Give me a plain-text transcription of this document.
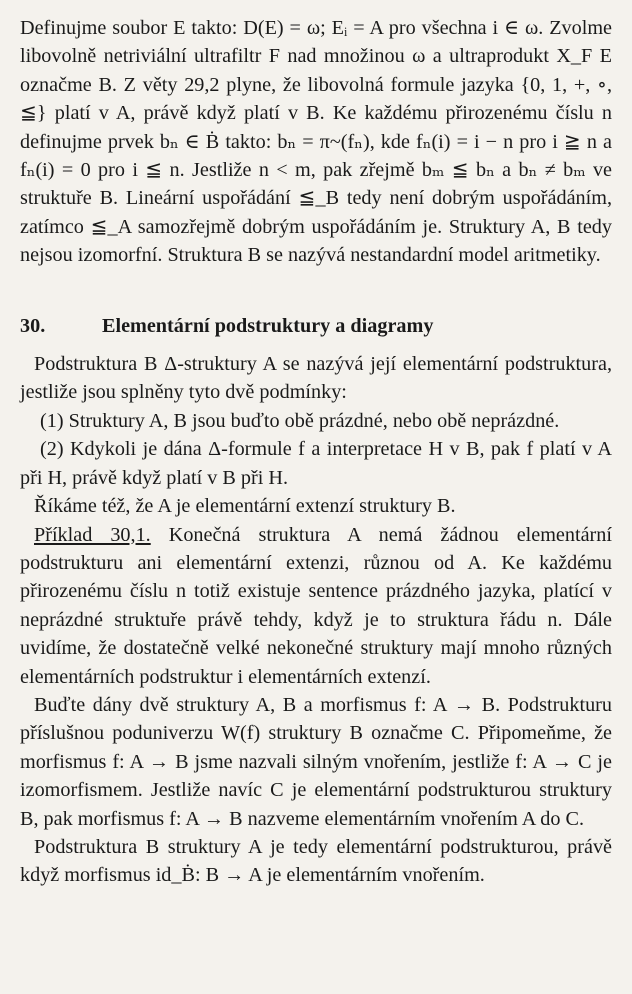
Definujme soubor E takto: D(E) = ω; Eᵢ = A pro všechna i ∈ ω. Zvolme libovolně netriviální ultrafiltr F nad množinou ω a ultraprodukt X_F E označme B. Z věty 29,2 plyne, že libovolná formule jazyka {0, 1, +, ∘, ≦} platí v A, právě když platí v B. Ke každému přirozenému číslu n definujme prvek bₙ ∈ Ḃ takto: bₙ = π~(fₙ), kde fₙ(i) = i − n pro i ≧ n a fₙ(i) = 0 pro i ≦ n. Jestliže n < m, pak zřejmě bₘ ≦ bₙ a bₙ ≠ bₘ ve struktuře B. Lineární uspořádání ≦_B tedy není dobrým uspořádáním, zatímco ≦_A samozřejmě dobrým uspořádáním je. Struktury A, B tedy nejsou izomorfní. Struktura B se nazývá nestandardní model aritmetiky.

30.	Elementární podstruktury a diagramy

Podstruktura B Δ-struktury A se nazývá její elementární podstruktura, jestliže jsou splněny tyto dvě podmínky:

(1) Struktury A, B jsou buďto obě prázdné, nebo obě neprázdné.

(2) Kdykoli je dána Δ-formule f a interpretace H v B, pak f platí v A při H, právě když platí v B při H.

Říkáme též, že A je elementární extenzí struktury B.

Příklad 30,1. Konečná struktura A nemá žádnou elementární podstrukturu ani elementární extenzi, různou od A. Ke každému přirozenému číslu n totiž existuje sentence prázdného jazyka, platící v neprázdné struktuře právě tehdy, když je to struktura řádu n. Dále uvidíme, že dostatečně velké nekonečné struktury mají mnoho různých elementárních podstruktur i elementárních extenzí.

Buďte dány dvě struktury A, B a morfismus f: A → B. Podstrukturu příslušnou poduniverzu W(f) struktury B označme C. Připomeňme, že morfismus f: A → B jsme nazvali silným vnořením, jestliže f: A → C je izomorfismem. Jestliže navíc C je elementární podstrukturou struktury B, pak morfismus f: A → B nazveme elementárním vnořením A do C.

Podstruktura B struktury A je tedy elementární podstrukturou, právě když morfismus id_Ḃ: B → A je elementárním vnořením.
